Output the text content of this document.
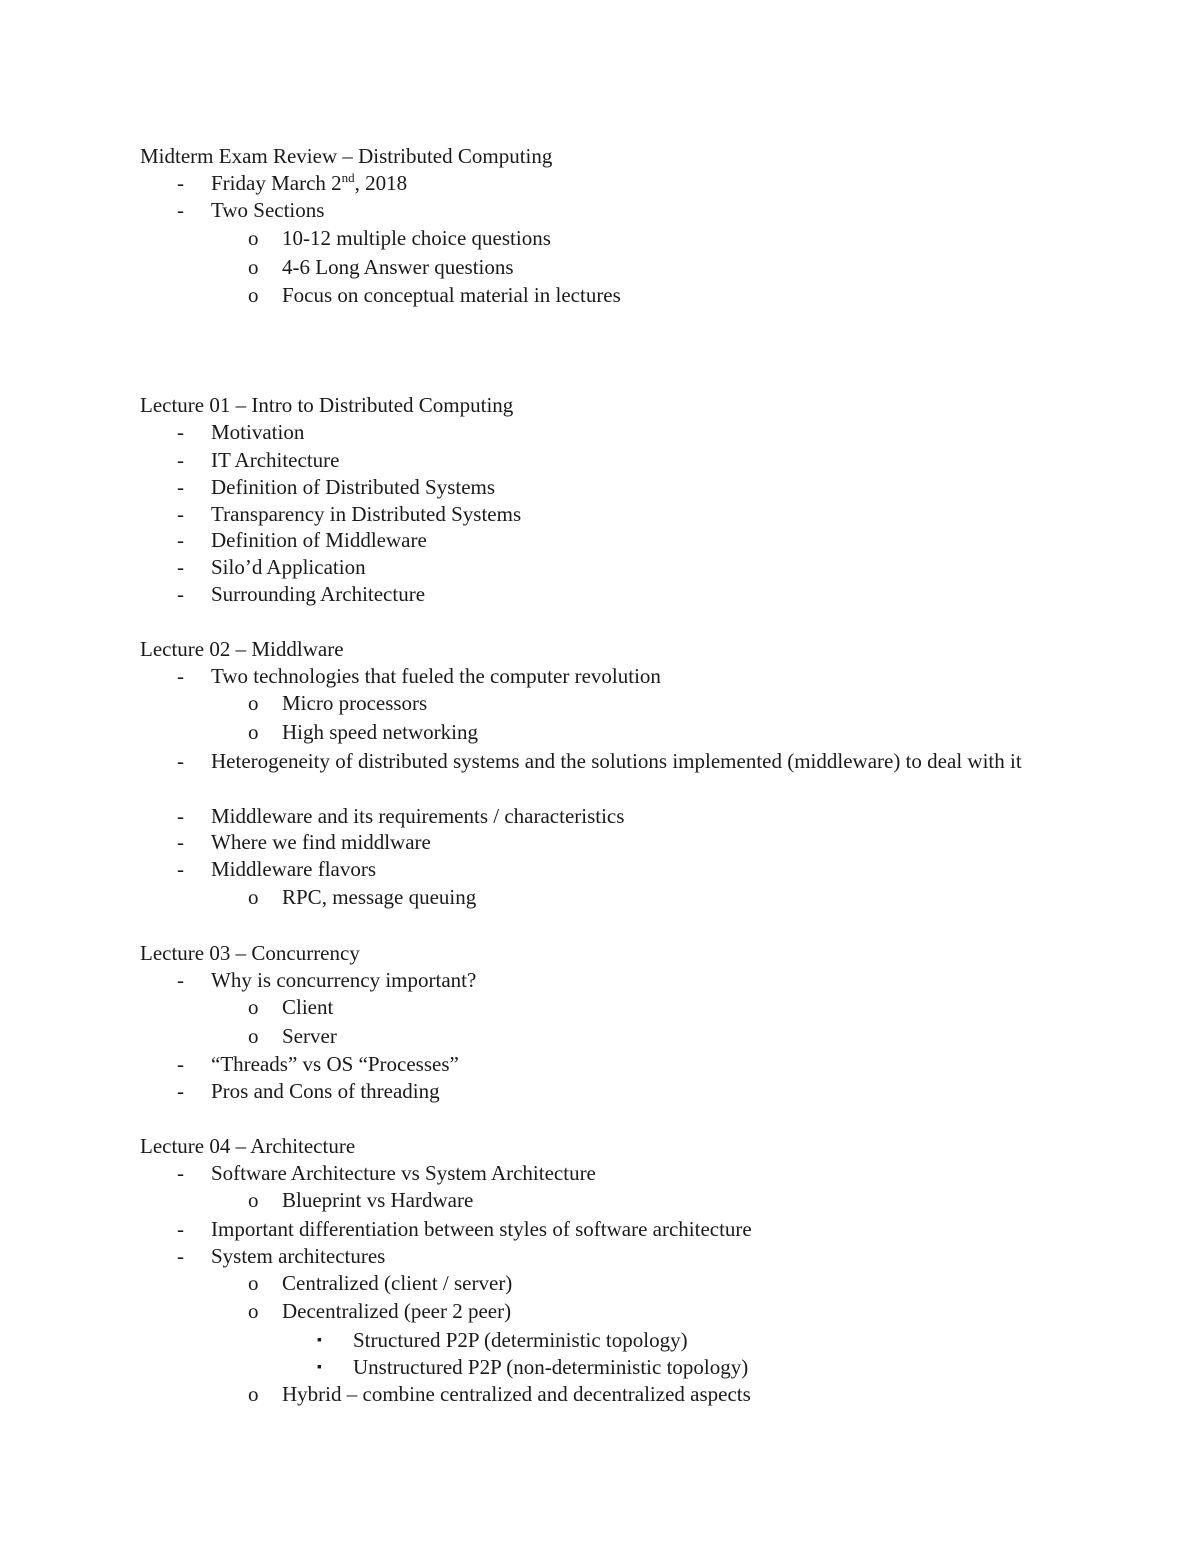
Midterm Exam Review – Distributed Computing
- Friday March 2nd, 2018
- Two Sections
o 10-12 multiple choice questions
o 4-6 Long Answer questions
o Focus on conceptual material in lectures
Lecture 01 – Intro to Distributed Computing
- Motivation
- IT Architecture
- Definition of Distributed Systems
- Transparency in Distributed Systems
- Definition of Middleware
- Silo’d Application
- Surrounding Architecture
Lecture 02 – Middlware
- Two technologies that fueled the computer revolution
o Micro processors
o High speed networking
- Heterogeneity of distributed systems and the solutions implemented (middleware) to deal with it
- Middleware and its requirements / characteristics
- Where we find middlware
- Middleware flavors
o RPC, message queuing
Lecture 03 – Concurrency
- Why is concurrency important?
o Client
o Server
- “Threads” vs OS “Processes”
- Pros and Cons of threading
Lecture 04 – Architecture
- Software Architecture vs System Architecture
o Blueprint vs Hardware
- Important differentiation between styles of software architecture
- System architectures
o Centralized (client / server)
o Decentralized (peer 2 peer)
▪ Structured P2P (deterministic topology)
▪ Unstructured P2P (non-deterministic topology)
o Hybrid – combine centralized and decentralized aspects
